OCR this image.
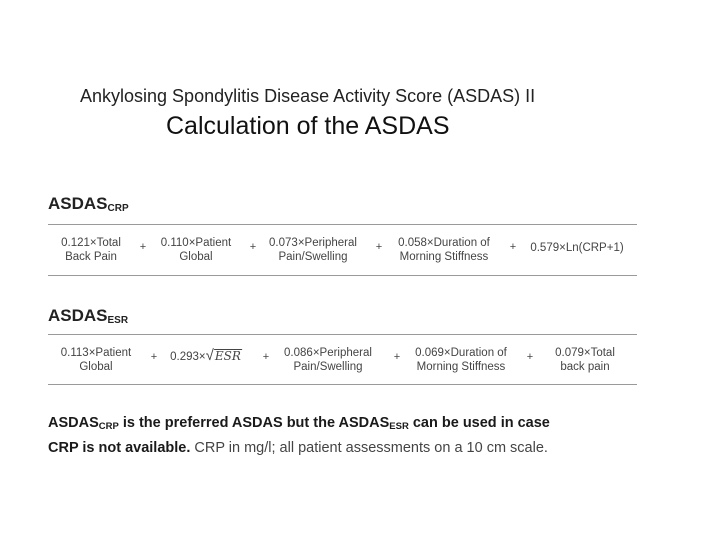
Ankylosing Spondylitis Disease Activity Score (ASDAS) II
Calculation of the ASDAS
$ASDAS_{CRP}$
0.121×Total
Back Pain
+ 0.110×Patient
Global
+ 0.073×Peripheral
Pain/Swelling
+ 0.058×Duration of
Morning Stiffness
+ 0.579×Ln(CRP+1)
$ASDAS_{ESR}$
0.113×Patient
Global
+ 0.293× √ ESR + 0.086×Peripheral
Pain/Swelling
+ 0.069×Duration of
Morning Stiffness
+ 0.079×Total
back pain
$ASDAS_{CRP}$ is the preferred ASDAS but the $ASDAS_{ESR}$ can be used in case
CRP is not available. CRP in mg/l; all patient assessments on a 10 cm scale.
